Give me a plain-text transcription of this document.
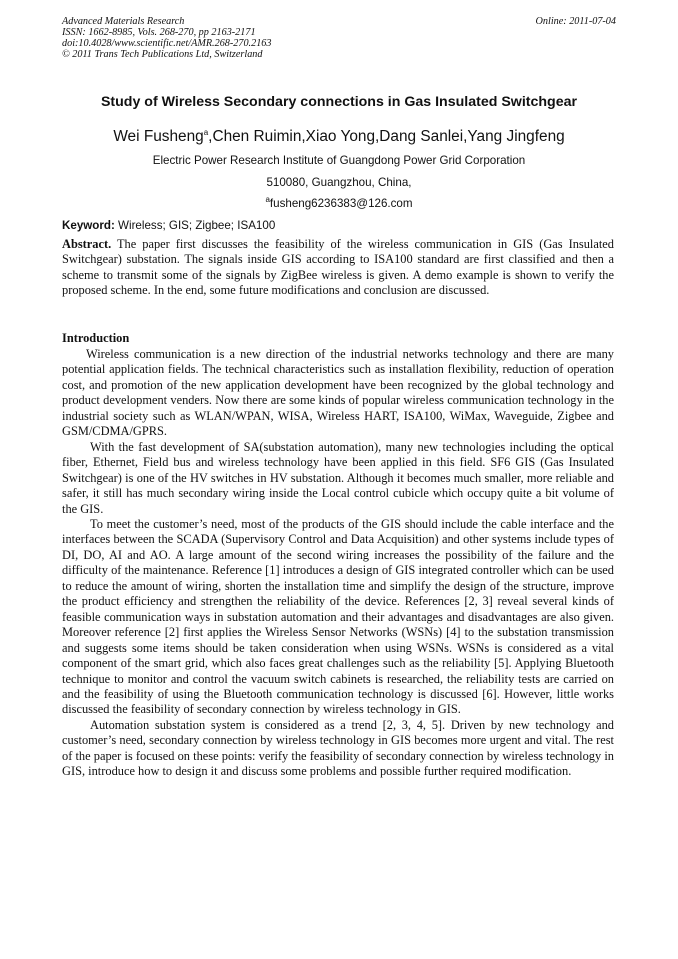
Advanced Materials Research
ISSN: 1662-8985, Vols. 268-270, pp 2163-2171
doi:10.4028/www.scientific.net/AMR.268-270.2163
© 2011 Trans Tech Publications Ltd, Switzerland
Online: 2011-07-04
Study of Wireless Secondary connections in Gas Insulated Switchgear
Wei Fusheng$^a$,Chen Ruimin,Xiao Yong,Dang Sanlei,Yang Jingfeng
Electric Power Research Institute of Guangdong Power Grid Corporation
510080, Guangzhou, China,
$^a$fusheng6236383@126.com
Keyword: Wireless; GIS; Zigbee; ISA100
Abstract. The paper first discusses the feasibility of the wireless communication in GIS (Gas Insulated Switchgear) substation. The signals inside GIS according to ISA100 standard are first classified and then a scheme to transmit some of the signals by ZigBee wireless is given. A demo example is shown to verify the proposed scheme. In the end, some future modifications and conclusion are discussed.
Introduction

Wireless communication is a new direction of the industrial networks technology and there are many potential application fields. The technical characteristics such as installation flexibility, reduction of operation cost, and promotion of the new application development have been recognized by the global technology and product development venders. Now there are some kinds of popular wireless communication technology in the industrial society such as WLAN/WPAN, WISA, Wireless HART, ISA100, WiMax, Waveguide, Zigbee and GSM/CDMA/GPRS.

With the fast development of SA(substation automation), many new technologies including the optical fiber, Ethernet, Field bus and wireless technology have been applied in this field. SF6 GIS (Gas Insulated Switchgear) is one of the HV switches in HV substation. Although it becomes much smaller, more reliable and safer, it still has much secondary wiring inside the Local control cubicle which occupy quite a bit volume of the GIS.

To meet the customer’s need, most of the products of the GIS should include the cable interface and the interfaces between the SCADA (Supervisory Control and Data Acquisition) and other systems include types of DI, DO, AI and AO. A large amount of the second wiring increases the possibility of the failure and the difficulty of the maintenance. Reference [1] introduces a design of GIS integrated controller which can be used to reduce the amount of wiring, shorten the installation time and simplify the design of the structure, improve the product efficiency and strengthen the reliability of the device. References [2, 3] reveal several kinds of feasible communication ways in substation automation and their advantages and disadvantages are also given. Moreover reference [2] first applies the Wireless Sensor Networks (WSNs) [4] to the substation transmission and suggests some items should be taken consideration when using WSNs. WSNs is considered as a vital component of the smart grid, which also faces great challenges such as the reliability [5]. Applying Bluetooth technique to monitor and control the vacuum switch cabinets is researched, the reliability tests are carried on and the feasibility of using the Bluetooth communication technology is discussed [6]. However, little works discussed the feasibility of secondary connection by wireless technology in GIS.

Automation substation system is considered as a trend [2, 3, 4, 5]. Driven by new technology and customer’s need, secondary connection by wireless technology in GIS becomes more urgent and vital. The rest of the paper is focused on these points: verify the feasibility of secondary connection by wireless technology in GIS, introduce how to design it and discuss some problems and possible further required modification.
